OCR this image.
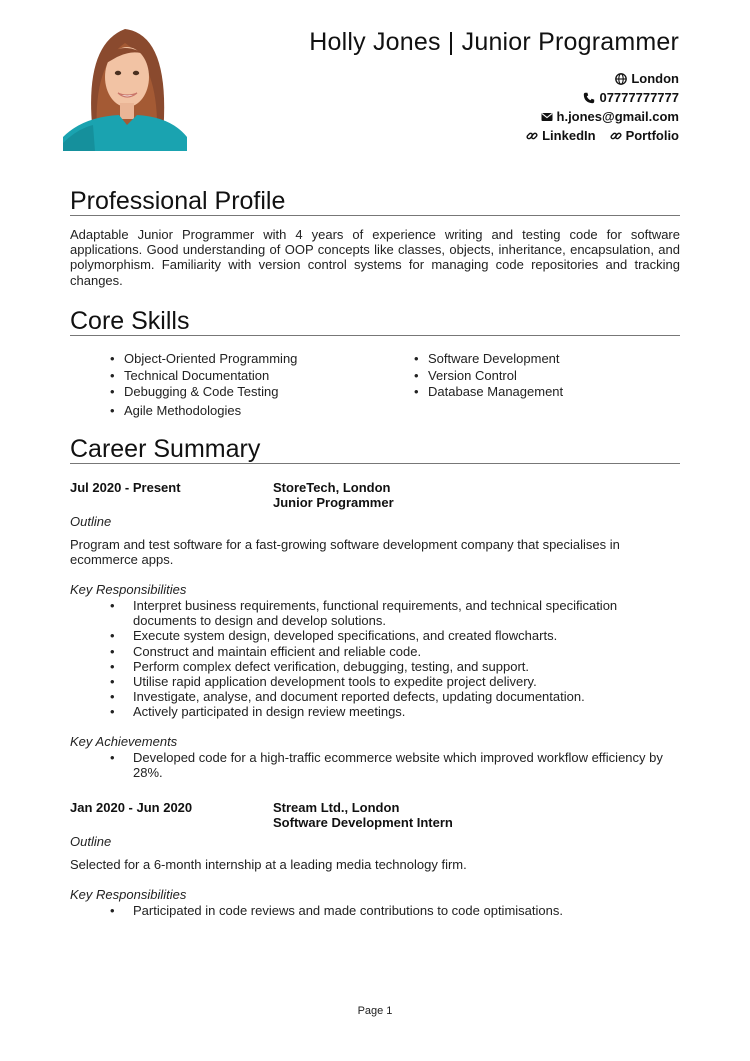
Holly Jones | Junior Programmer
London
07777777777
h.jones@gmail.com
LinkedIn Portfolio
Professional Profile
Adaptable Junior Programmer with 4 years of experience writing and testing code for software applications. Good understanding of OOP concepts like classes, objects, inheritance, encapsulation, and polymorphism. Familiarity with version control systems for managing code repositories and tracking changes.
Core Skills
• Object-Oriented Programming
• Technical Documentation
• Debugging & Code Testing
• Agile Methodologies
• Software Development
• Version Control
• Database Management
Career Summary
Jul 2020 - Present	StoreTech, London
Junior Programmer
Outline
Program and test software for a fast-growing software development company that specialises in ecommerce apps.
Key Responsibilities
• Interpret business requirements, functional requirements, and technical specification documents to design and develop solutions.
• Execute system design, developed specifications, and created flowcharts.
• Construct and maintain efficient and reliable code.
• Perform complex defect verification, debugging, testing, and support.
• Utilise rapid application development tools to expedite project delivery.
• Investigate, analyse, and document reported defects, updating documentation.
• Actively participated in design review meetings.
Key Achievements
• Developed code for a high-traffic ecommerce website which improved workflow efficiency by 28%.
Jan 2020 - Jun 2020	Stream Ltd., London
Software Development Intern
Outline
Selected for a 6-month internship at a leading media technology firm.
Key Responsibilities
• Participated in code reviews and made contributions to code optimisations.
Page 1
